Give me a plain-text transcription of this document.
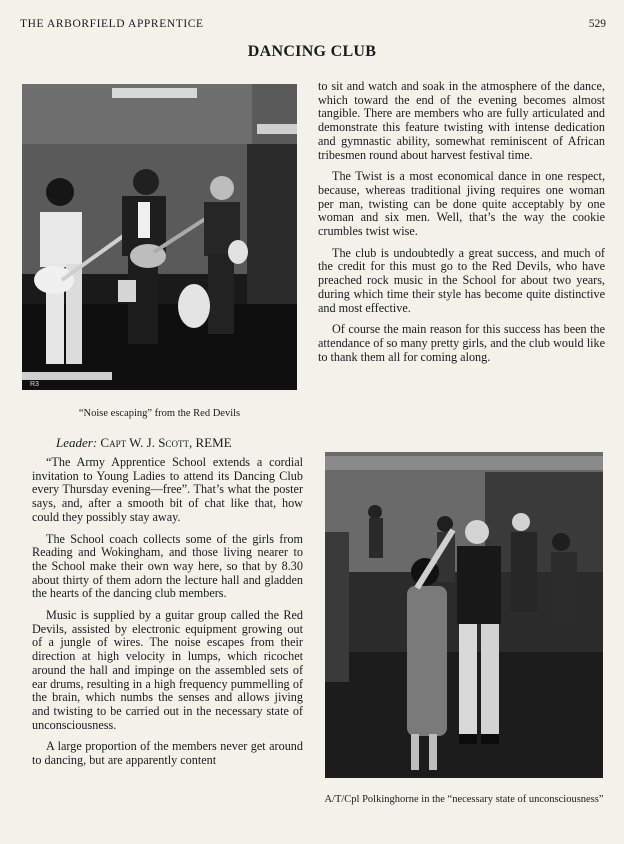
THE ARBORFIELD APPRENTICE	529
DANCING CLUB
R3
“Noise escaping” from the Red Devils
Leader: Capt W. J. Scott, REME

“The Army Apprentice School extends a cordial invitation to Young Ladies to attend its Dancing Club every Thursday evening—free”. That’s what the poster says, and, after a smooth bit of chat like that, how could they possibly stay away.

The School coach collects some of the girls from Reading and Wokingham, and those living nearer to the School make their own way here, so that by 8.30 about thirty of them adorn the lecture hall and gladden the hearts of the dancing club members.

Music is supplied by a guitar group called the Red Devils, assisted by electronic equipment growing out of a jungle of wires. The noise escapes from their direction at high velocity in lumps, which ricochet around the hall and impinge on the assembled sets of ear drums, resulting in a high frequency pummelling of the brain, which numbs the senses and allows jiving and twisting to be carried out in the necessary state of unconsciousness.

A large proportion of the members never get around to dancing, but are apparently content

to sit and watch and soak in the atmosphere of the dance, which toward the end of the evening becomes almost tangible. There are members who are fully articulated and demonstrate this feature twisting with intense dedication and gymnastic ability, somewhat reminiscent of African tribesmen round about harvest festival time.

The Twist is a most economical dance in one respect, because, whereas traditional jiving requires one woman per man, twisting can be done quite acceptably by one woman and six men. Well, that’s the way the cookie crumbles twist wise.

The club is undoubtedly a great success, and much of the credit for this must go to the Red Devils, who have preached rock music in the School for about two years, during which time their style has become quite distinctive and most effective.

Of course the main reason for this success has been the attendance of so many pretty girls, and the club would like to thank them all for coming along.

A/T/Cpl Polkinghorne in the “necessary state of unconsciousness”
